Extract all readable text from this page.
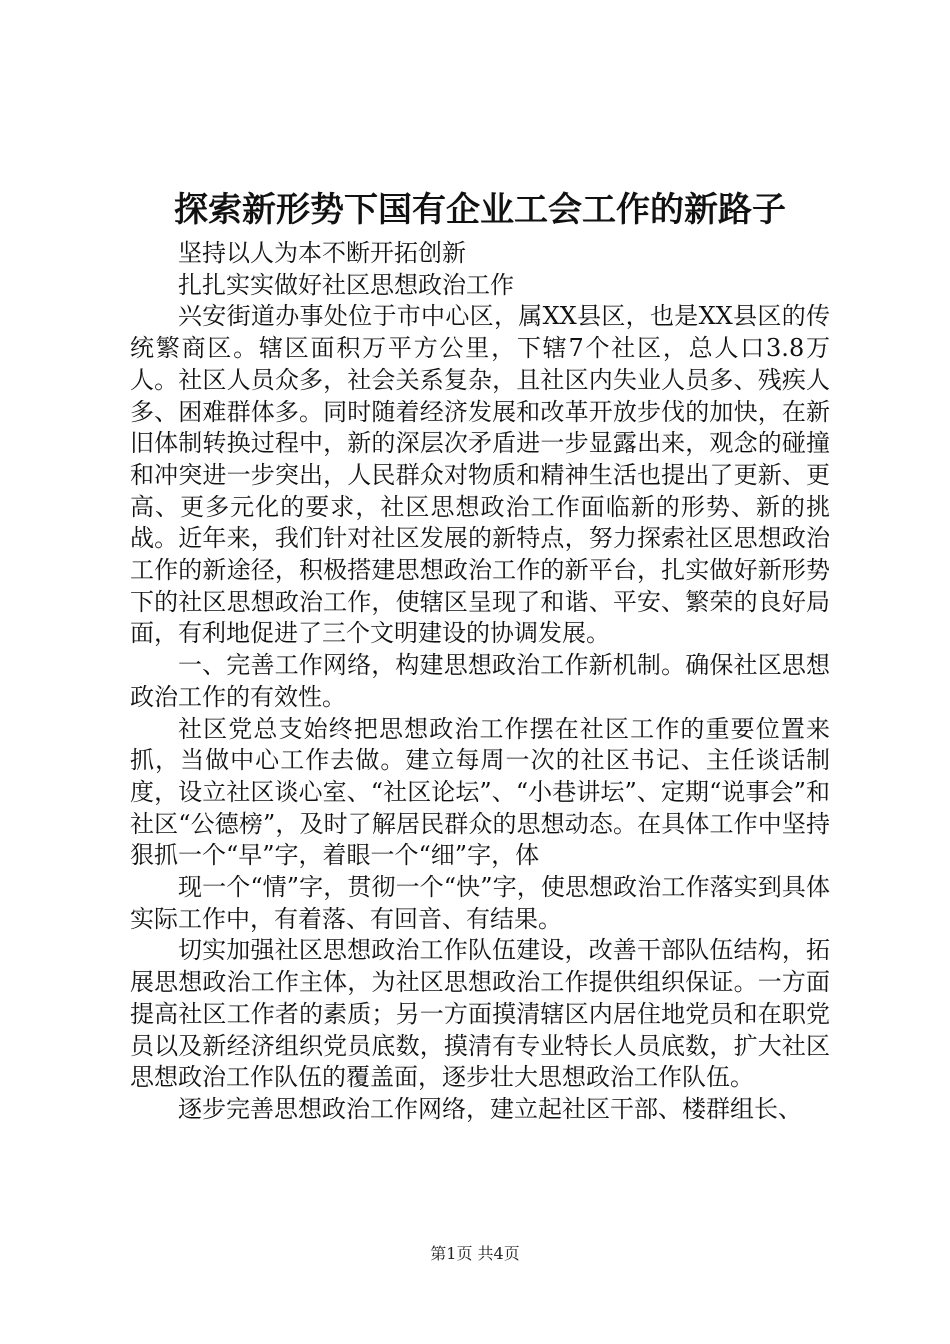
探索新形势下国有企业工会工作的新路子

坚持以人为本不断开拓创新

扎扎实实做好社区思想政治工作

兴安街道办事处位于市中心区，属XX县区，也是XX县区的传统繁商区。辖区面积万平方公里，下辖7个社区，总人口3.8万人。社区人员众多，社会关系复杂，且社区内失业人员多、残疾人多、困难群体多。同时随着经济发展和改革开放步伐的加快，在新旧体制转换过程中，新的深层次矛盾进一步显露出来，观念的碰撞和冲突进一步突出，人民群众对物质和精神生活也提出了更新、更高、更多元化的要求，社区思想政治工作面临新的形势、新的挑战。近年来，我们针对社区发展的新特点，努力探索社区思想政治工作的新途径，积极搭建思想政治工作的新平台，扎实做好新形势下的社区思想政治工作，使辖区呈现了和谐、平安、繁荣的良好局面，有利地促进了三个文明建设的协调发展。

一、完善工作网络，构建思想政治工作新机制。确保社区思想政治工作的有效性。

社区党总支始终把思想政治工作摆在社区工作的重要位置来抓，当做中心工作去做。建立每周一次的社区书记、主任谈话制度，设立社区谈心室、“社区论坛”、“小巷讲坛”、定期“说事会”和社区“公德榜”，及时了解居民群众的思想动态。在具体工作中坚持狠抓一个“早”字，着眼一个“细”字，体

现一个“情”字，贯彻一个“快”字，使思想政治工作落实到具体实际工作中，有着落、有回音、有结果。

切实加强社区思想政治工作队伍建设，改善干部队伍结构，拓展思想政治工作主体，为社区思想政治工作提供组织保证。一方面提高社区工作者的素质；另一方面摸清辖区内居住地党员和在职党员以及新经济组织党员底数，摸清有专业特长人员底数，扩大社区思想政治工作队伍的覆盖面，逐步壮大思想政治工作队伍。

逐步完善思想政治工作网络，建立起社区干部、楼群组长、

第1页 共4页
